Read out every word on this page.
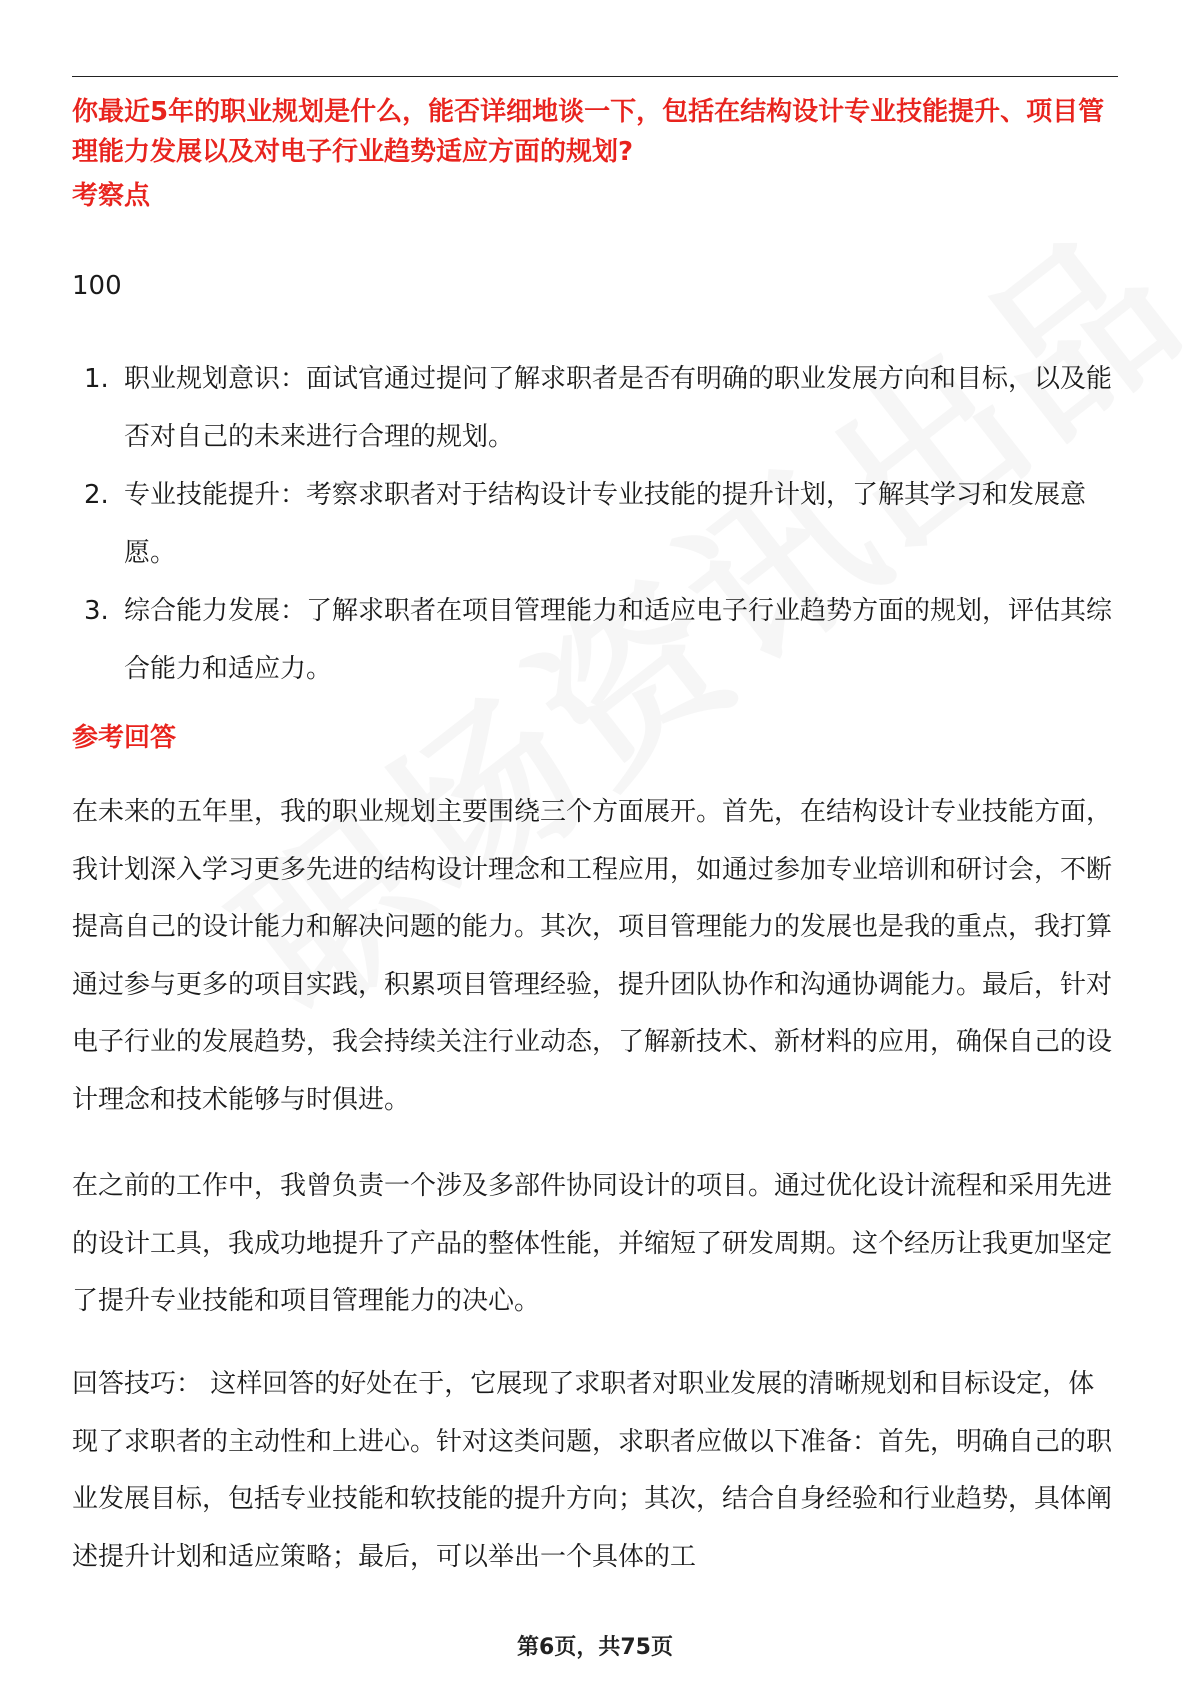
你最近5年的职业规划是什么，能否详细地谈一下，包括在结构设计专业技能提升、项目管理能力发展以及对电子行业趋势适应方面的规划?

考察点

100

1. 职业规划意识：面试官通过提问了解求职者是否有明确的职业发展方向和目标，以及能否对自己的未来进行合理的规划。
2. 专业技能提升：考察求职者对于结构设计专业技能的提升计划，了解其学习和发展意愿。
3. 综合能力发展：了解求职者在项目管理能力和适应电子行业趋势方面的规划，评估其综合能力和适应力。

参考回答

在未来的五年里，我的职业规划主要围绕三个方面展开。首先，在结构设计专业技能方面，我计划深入学习更多先进的结构设计理念和工程应用，如通过参加专业培训和研讨会，不断提高自己的设计能力和解决问题的能力。其次，项目管理能力的发展也是我的重点，我打算通过参与更多的项目实践，积累项目管理经验，提升团队协作和沟通协调能力。最后，针对电子行业的发展趋势，我会持续关注行业动态，了解新技术、新材料的应用，确保自己的设计理念和技术能够与时俱进。

在之前的工作中，我曾负责一个涉及多部件协同设计的项目。通过优化设计流程和采用先进的设计工具，我成功地提升了产品的整体性能，并缩短了研发周期。这个经历让我更加坚定了提升专业技能和项目管理能力的决心。

回答技巧： 这样回答的好处在于，它展现了求职者对职业发展的清晰规划和目标设定，体现了求职者的主动性和上进心。针对这类问题，求职者应做以下准备：首先，明确自己的职业发展目标，包括专业技能和软技能的提升方向；其次，结合自身经验和行业趋势，具体阐述提升计划和适应策略；最后，可以举出一个具体的工

第6页，共75页
